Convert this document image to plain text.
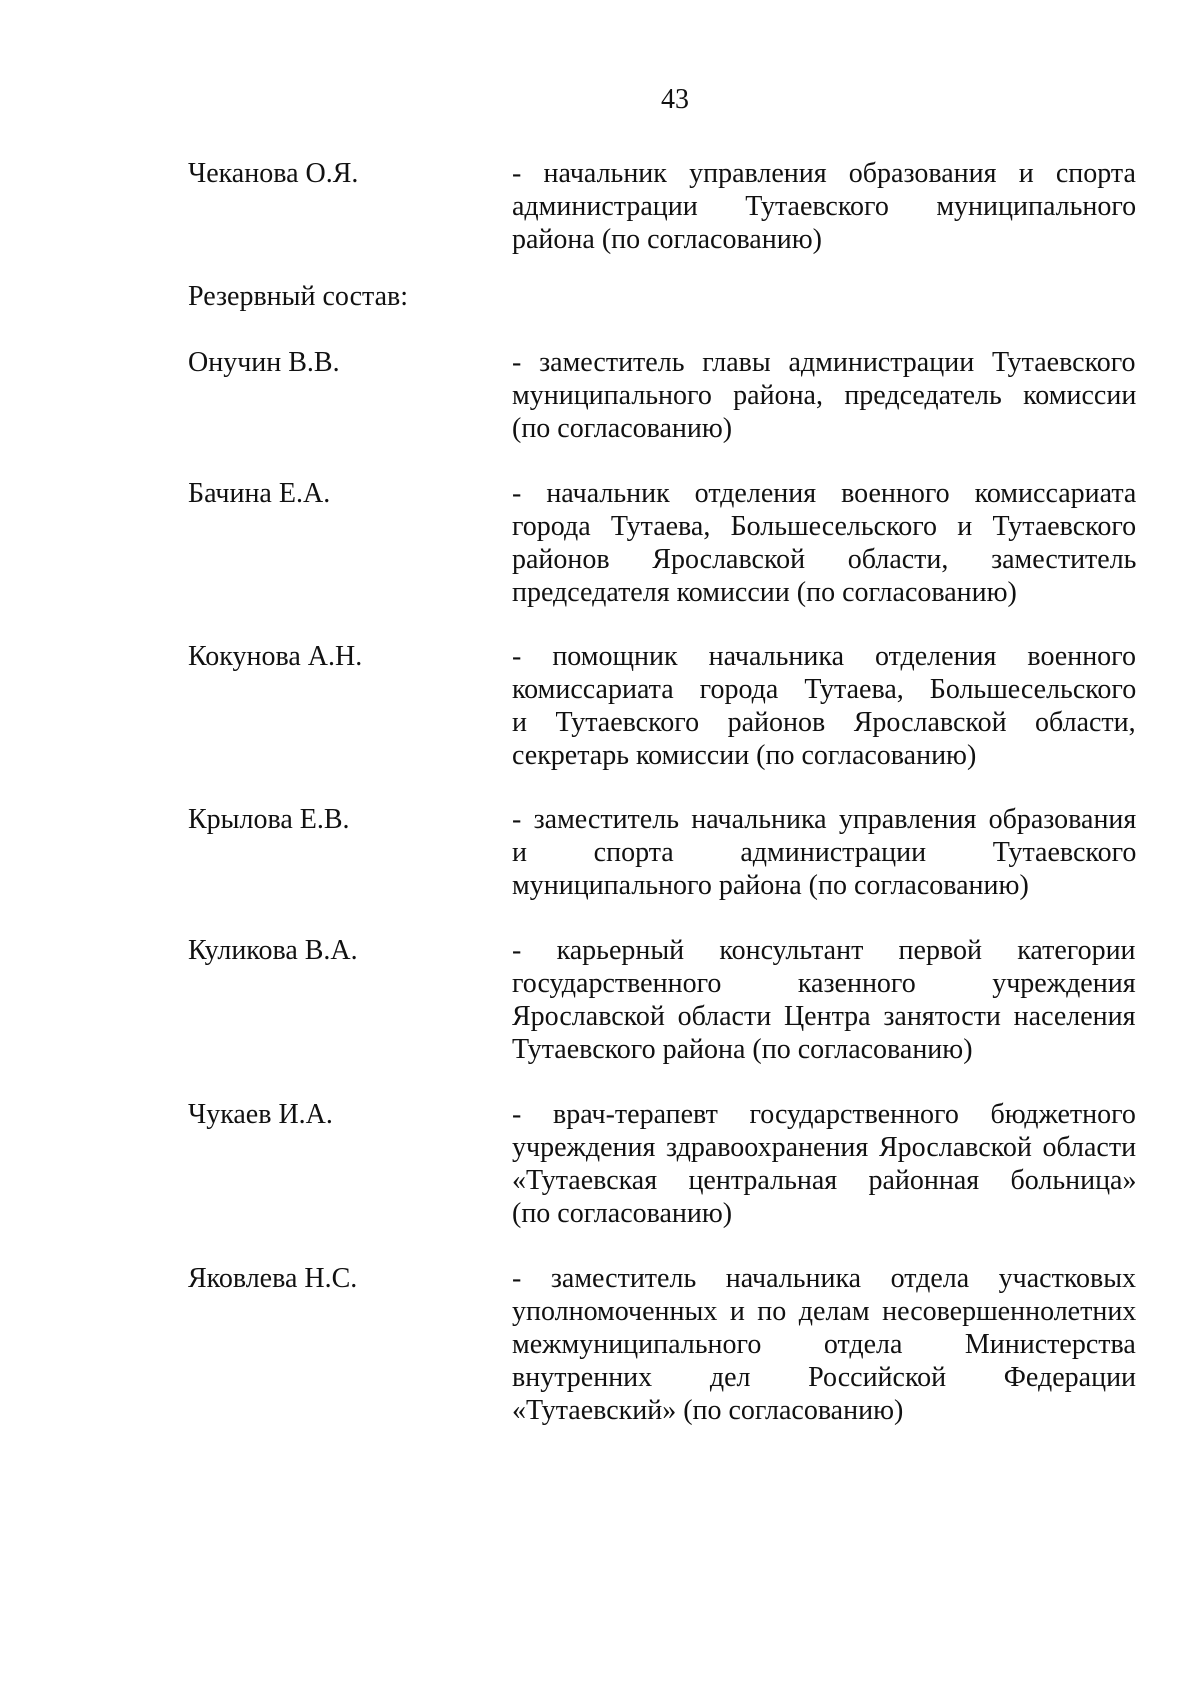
43
Чеканова О.Я.	- начальник управления образования и спорта
администрации Тутаевского муниципального
района (по согласованию)
Резервный состав:
Онучин В.В.	- заместитель главы администрации Тутаевского
муниципального района, председатель комиссии
(по согласованию)
Бачина Е.А.	- начальник отделения военного комиссариата
города Тутаева, Большесельского и Тутаевского
районов Ярославской области, заместитель
председателя комиссии (по согласованию)
Кокунова А.Н.	- помощник начальника отделения военного
комиссариата города Тутаева, Большесельского
и Тутаевского районов Ярославской области,
секретарь комиссии (по согласованию)
Крылова Е.В.	- заместитель начальника управления образования
и спорта администрации Тутаевского
муниципального района (по согласованию)
Куликова В.А.	- карьерный консультант первой категории
государственного казенного учреждения
Ярославской области Центра занятости населения
Тутаевского района (по согласованию)
Чукаев И.А.	- врач-терапевт государственного бюджетного
учреждения здравоохранения Ярославской области
«Тутаевская центральная районная больница»
(по согласованию)
Яковлева Н.С.	- заместитель начальника отдела участковых
уполномоченных и по делам несовершеннолетних
межмуниципального отдела Министерства
внутренних дел Российской Федерации
«Тутаевский» (по согласованию)
